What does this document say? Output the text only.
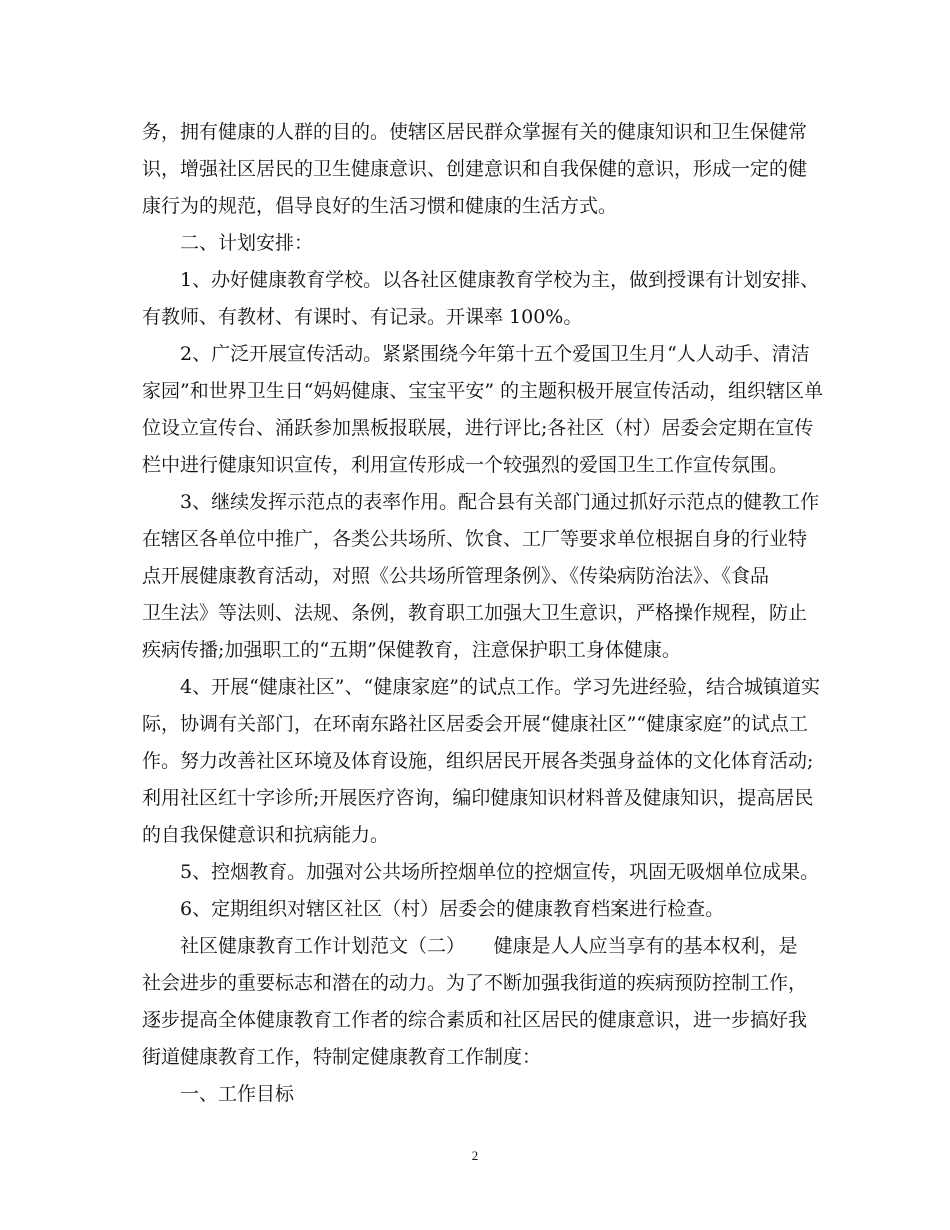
务，拥有健康的人群的目的。使辖区居民群众掌握有关的健康知识和卫生保健常
识，增强社区居民的卫生健康意识、创建意识和自我保健的意识，形成一定的健
康行为的规范，倡导良好的生活习惯和健康的生活方式。

二、计划安排：

1、办好健康教育学校。以各社区健康教育学校为主，做到授课有计划安排、
有教师、有教材、有课时、有记录。开课率 100%。

2、广泛开展宣传活动。紧紧围绕今年第十五个爱国卫生月“人人动手、清洁
家园”和世界卫生日“妈妈健康、宝宝平安” 的主题积极开展宣传活动，组织辖区单
位设立宣传台、涌跃参加黑板报联展，进行评比;各社区（村）居委会定期在宣传
栏中进行健康知识宣传，利用宣传形成一个较强烈的爱国卫生工作宣传氛围。

3、继续发挥示范点的表率作用。配合县有关部门通过抓好示范点的健教工作
在辖区各单位中推广，各类公共场所、饮食、工厂等要求单位根据自身的行业特
点开展健康教育活动，对照《公共场所管理条例》、《传染病防治法》、《食品
卫生法》等法则、法规、条例，教育职工加强大卫生意识，严格操作规程，防止
疾病传播;加强职工的“五期”保健教育，注意保护职工身体健康。

4、开展“健康社区”、“健康家庭”的试点工作。学习先进经验，结合城镇道实
际，协调有关部门，在环南东路社区居委会开展“健康社区”“健康家庭”的试点工
作。努力改善社区环境及体育设施，组织居民开展各类强身益体的文化体育活动;
利用社区红十字诊所;开展医疗咨询，编印健康知识材料普及健康知识，提高居民
的自我保健意识和抗病能力。

5、控烟教育。加强对公共场所控烟单位的控烟宣传，巩固无吸烟单位成果。

6、定期组织对辖区社区（村）居委会的健康教育档案进行检查。

社区健康教育工作计划范文（二）　　健康是人人应当享有的基本权利，是
社会进步的重要标志和潜在的动力。为了不断加强我街道的疾病预防控制工作，
逐步提高全体健康教育工作者的综合素质和社区居民的健康意识，进一步搞好我
街道健康教育工作，特制定健康教育工作制度：

一、工作目标

2
